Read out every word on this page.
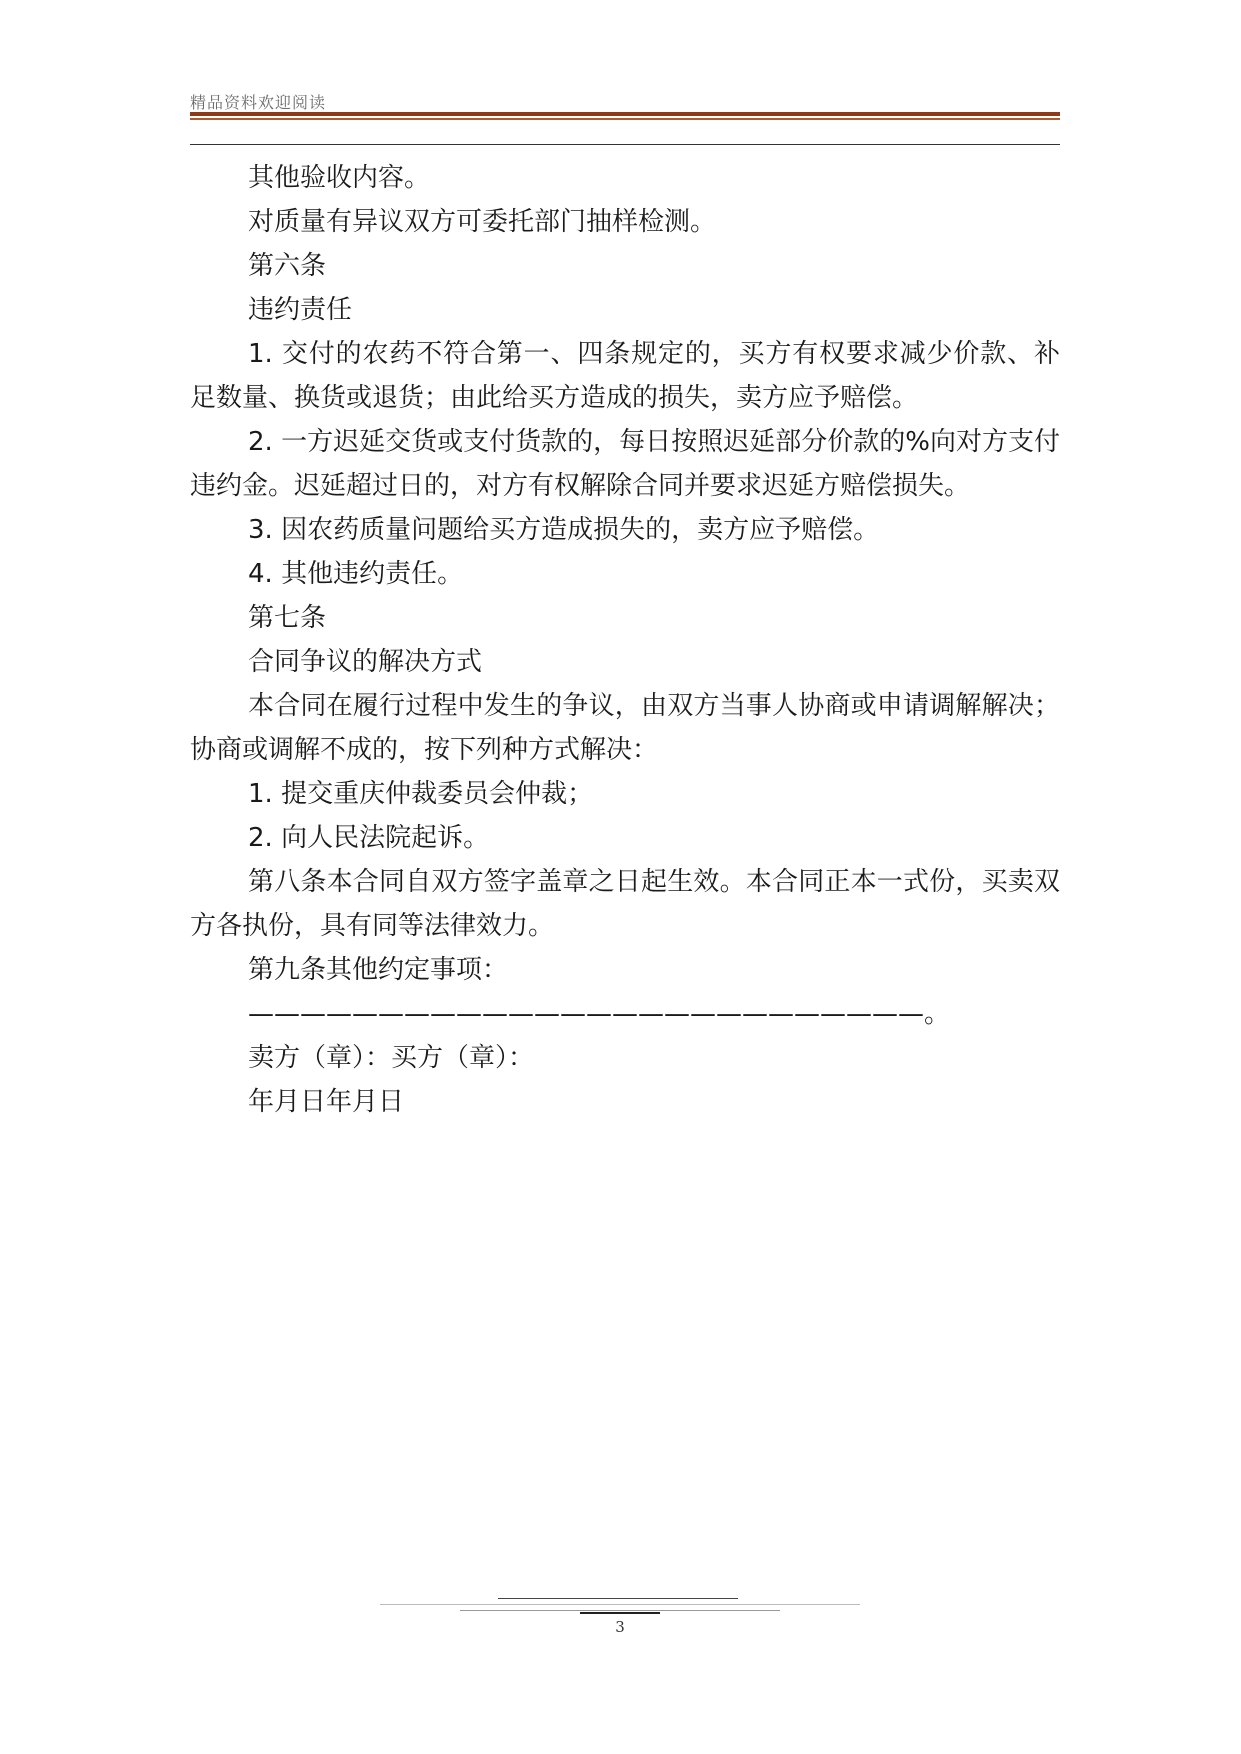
精品资料欢迎阅读

其他验收内容。

对质量有异议双方可委托部门抽样检测。

第六条

违约责任

1. 交付的农药不符合第一、四条规定的，买方有权要求减少价款、补足数量、换货或退货；由此给买方造成的损失，卖方应予赔偿。

2. 一方迟延交货或支付货款的，每日按照迟延部分价款的%向对方支付违约金。迟延超过日的，对方有权解除合同并要求迟延方赔偿损失。

3. 因农药质量问题给买方造成损失的，卖方应予赔偿。

4. 其他违约责任。

第七条

合同争议的解决方式

本合同在履行过程中发生的争议，由双方当事人协商或申请调解解决；协商或调解不成的，按下列种方式解决：

1. 提交重庆仲裁委员会仲裁；

2. 向人民法院起诉。

第八条本合同自双方签字盖章之日起生效。本合同正本一式份，买卖双方各执份，具有同等法律效力。

第九条其他约定事项：

——————————————————————————。

卖方（章）：买方（章）：

年月日年月日

3
